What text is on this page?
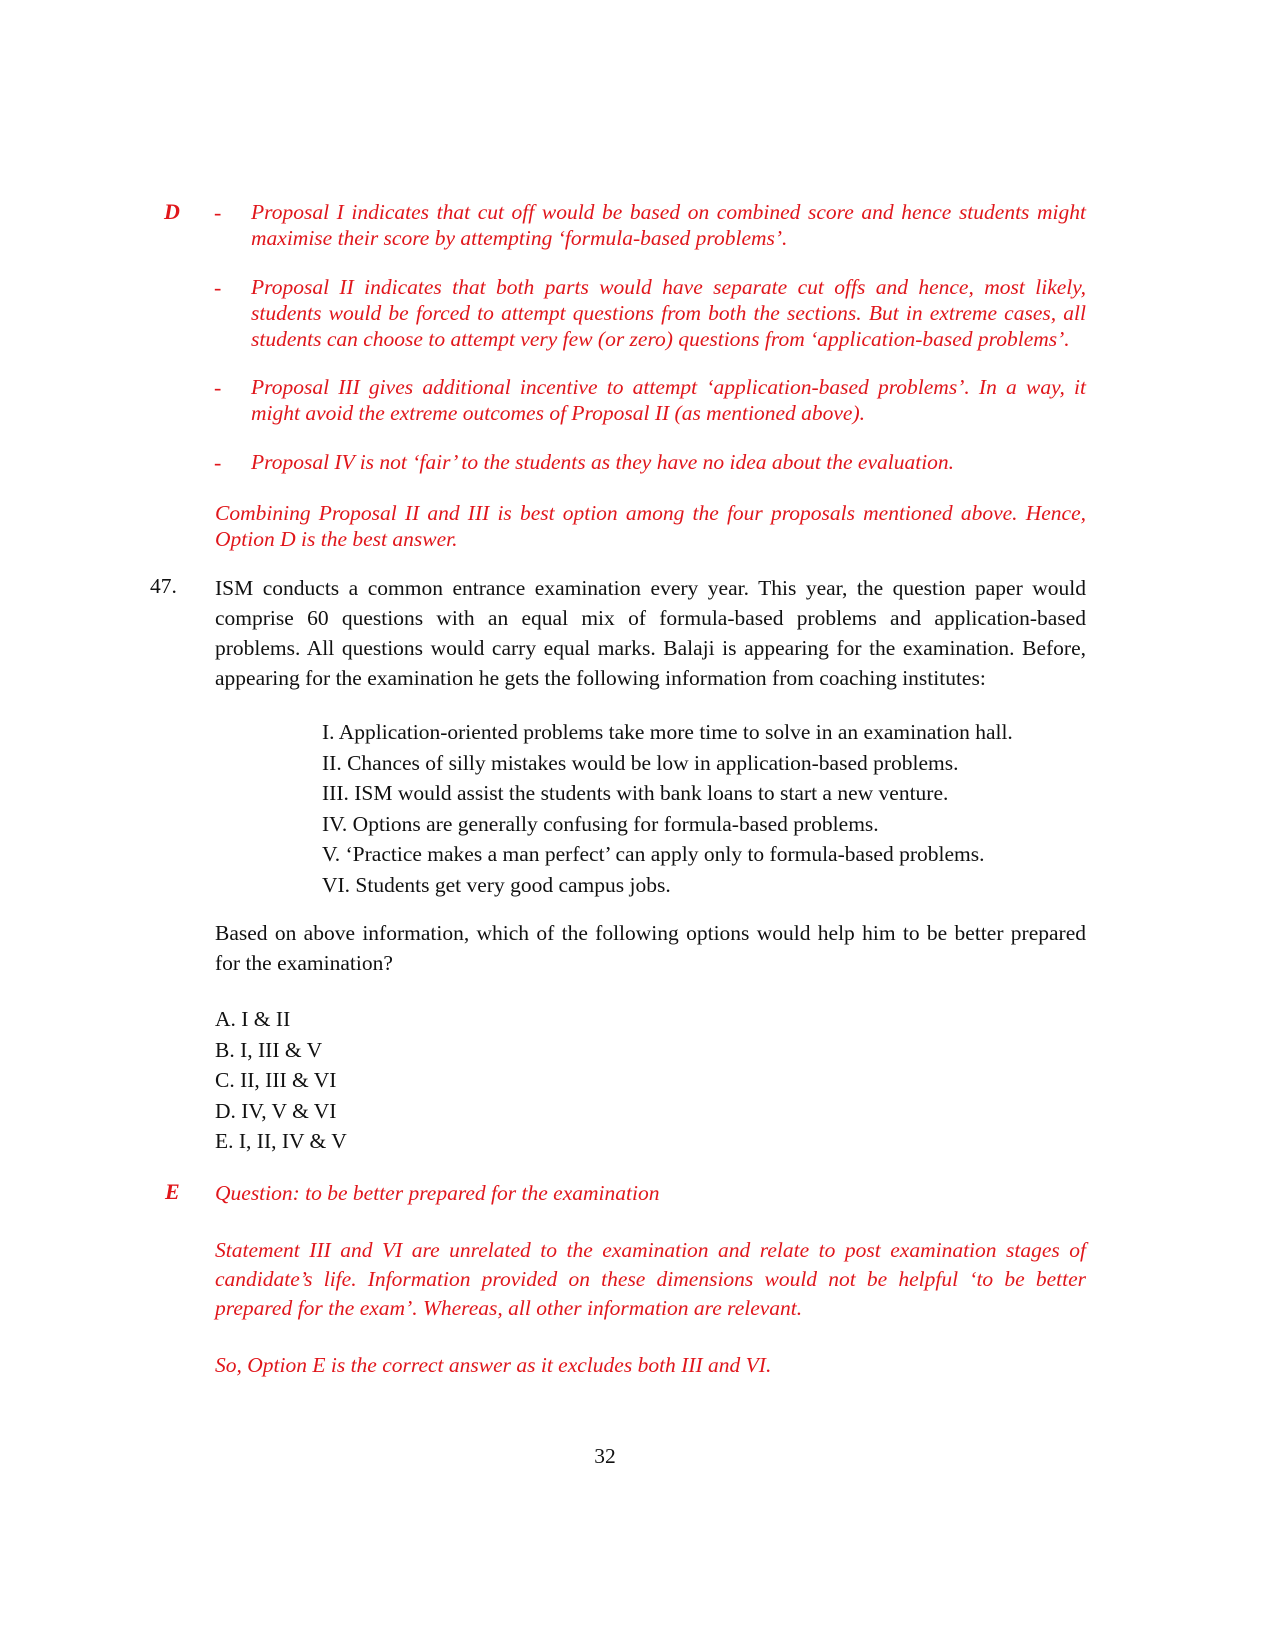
D - Proposal I indicates that cut off would be based on combined score and hence students might maximise their score by attempting ‘formula-based problems’.
- Proposal II indicates that both parts would have separate cut offs and hence, most likely, students would be forced to attempt questions from both the sections. But in extreme cases, all students can choose to attempt very few (or zero) questions from ‘application-based problems’.
- Proposal III gives additional incentive to attempt ‘application-based problems’. In a way, it might avoid the extreme outcomes of Proposal II (as mentioned above).
- Proposal IV is not ‘fair’ to the students as they have no idea about the evaluation.
Combining Proposal II and III is best option among the four proposals mentioned above. Hence, Option D is the best answer.
47. ISM conducts a common entrance examination every year. This year, the question paper would comprise 60 questions with an equal mix of formula-based problems and application-based problems. All questions would carry equal marks. Balaji is appearing for the examination. Before, appearing for the examination he gets the following information from coaching institutes:
I. Application-oriented problems take more time to solve in an examination hall.
II. Chances of silly mistakes would be low in application-based problems.
III. ISM would assist the students with bank loans to start a new venture.
IV. Options are generally confusing for formula-based problems.
V. ‘Practice makes a man perfect’ can apply only to formula-based problems.
VI. Students get very good campus jobs.
Based on above information, which of the following options would help him to be better prepared for the examination?
A. I & II
B. I, III & V
C. II, III & VI
D. IV, V & VI
E. I, II, IV & V
E Question: to be better prepared for the examination
Statement III and VI are unrelated to the examination and relate to post examination stages of candidate’s life. Information provided on these dimensions would not be helpful ‘to be better prepared for the exam’. Whereas, all other information are relevant.
So, Option E is the correct answer as it excludes both III and VI.
32
